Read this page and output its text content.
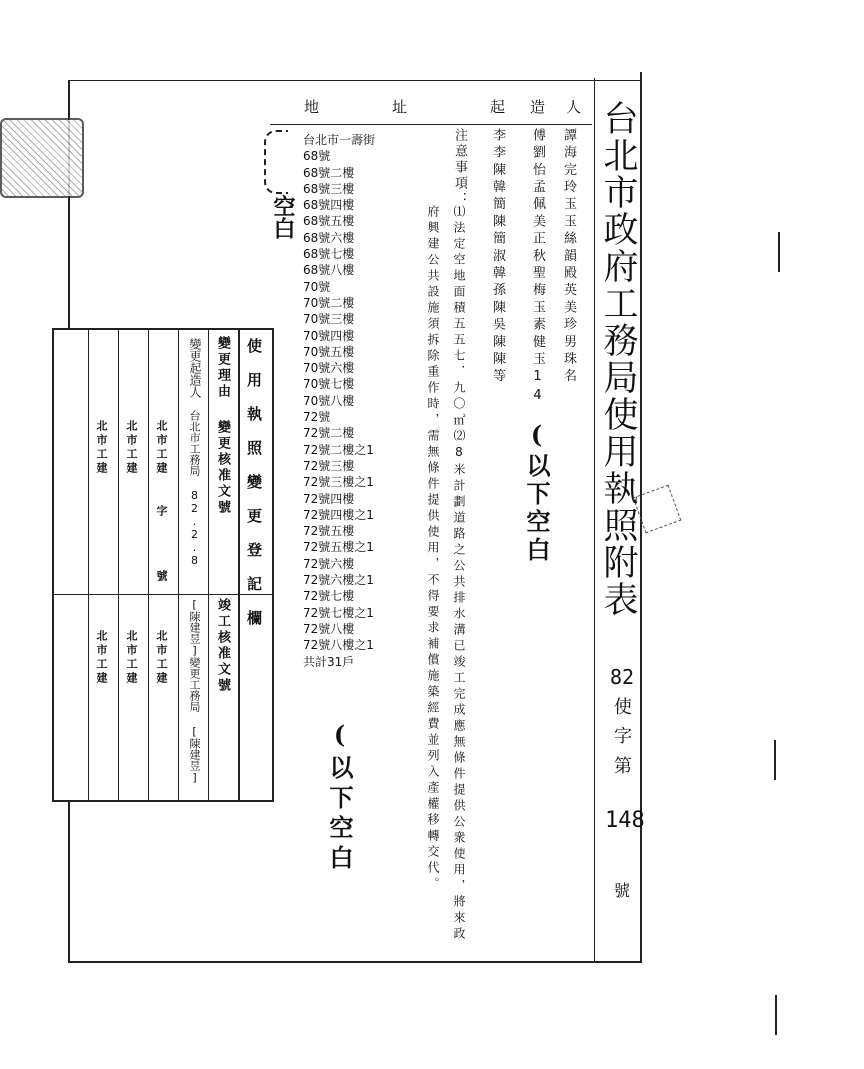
台北市政府工務局使用執照附表
82
使
字
第
148
號
人
造
起
址
地
譚海完玲玉玉絲韻殿英美珍男珠名
傅劉怡孟佩美正秋聖梅玉素健玉14
李李陳韓簡陳簡淑韓孫陳吳陳陳等
注意事項：
⑴法定空地面積五五七．九〇㎡⑵8米計劃道路之公共排水溝已竣工完成應無條件提供公衆使用，將來政
府興建公共設施須拆除重作時，需無條件提供使用，不得要求補償施築經費並列入產權移轉交代。	(以下空白
(以下空白
空白
台北市一壽街
68號
68號二樓
68號三樓
68號四樓
68號五樓
68號六樓
68號七樓
68號八樓
70號
70號二樓
70號三樓
70號四樓
70號五樓
70號六樓
70號七樓
70號八樓
72號
72號二樓
72號二樓之1
72號三樓
72號三樓之1
72號四樓
72號四樓之1
72號五樓
72號五樓之1
72號六樓
72號六樓之1
72號七樓
72號七樓之1
72號八樓
72號八樓之1
共計31戶
使用執照變更登記欄
變更理由
變更起造人
台北市工務局 82.2.8 變更核准文號
[陳建昱]變更工務局 [陳建昱] 竣工核准文號
北市工建
字
號
北市工建
北市工建
北市工建
北市工建
北市工建
